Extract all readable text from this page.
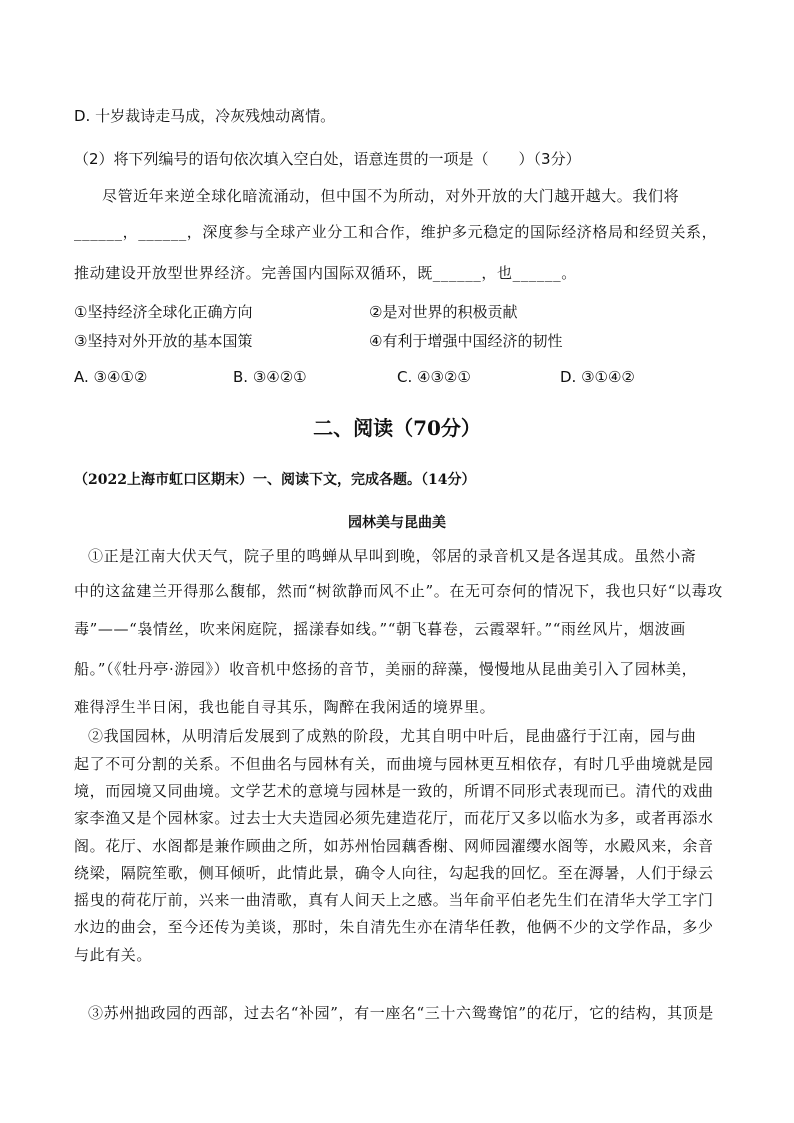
D. 十岁裁诗走马成，冷灰残烛动离情。
（2）将下列编号的语句依次填入空白处，语意连贯的一项是（　　）（3分）
尽管近年来逆全球化暗流涌动，但中国不为所动，对外开放的大门越开越大。我们将
______，______，深度参与全球产业分工和合作，维护多元稳定的国际经济格局和经贸关系，
推动建设开放型世界经济。完善国内国际双循环，既______，也______。
①坚持经济全球化正确方向	②是对世界的积极贡献
③坚持对外开放的基本国策	④有利于增强中国经济的韧性
A. ③④①②	B. ③④②①	C. ④③②①	D. ③①④②
二、阅读（70分）
（2022上海市虹口区期末）一、阅读下文，完成各题。（14分）
园林美与昆曲美
①正是江南大伏天气，院子里的鸣蝉从早叫到晚，邻居的录音机又是各逞其成。虽然小斋
中的这盆建兰开得那么馥郁，然而“树欲静而风不止”。在无可奈何的情况下，我也只好“以毒攻
毒”——“袅情丝，吹来闲庭院，摇漾春如线。”“朝飞暮卷，云霞翠轩。”“雨丝风片，烟波画
船。”（《牡丹亭·游园》）收音机中悠扬的音节，美丽的辞藻，慢慢地从昆曲美引入了园林美，
难得浮生半日闲，我也能自寻其乐，陶醉在我闲适的境界里。
②我国园林，从明清后发展到了成熟的阶段，尤其自明中叶后，昆曲盛行于江南，园与曲
起了不可分割的关系。不但曲名与园林有关，而曲境与园林更互相依存，有时几乎曲境就是园
境，而园境又同曲境。文学艺术的意境与园林是一致的，所谓不同形式表现而已。清代的戏曲
家李渔又是个园林家。过去士大夫造园必须先建造花厅，而花厅又多以临水为多，或者再添水
阁。花厅、水阁都是兼作顾曲之所，如苏州怡园藕香榭、网师园濯缨水阁等，水殿风来，余音
绕梁，隔院笙歌，侧耳倾听，此情此景，确令人向往，勾起我的回忆。至在溽暑，人们于绿云
摇曳的荷花厅前，兴来一曲清歌，真有人间天上之感。当年俞平伯老先生们在清华大学工字门
水边的曲会，至今还传为美谈，那时，朱自清先生亦在清华任教，他俩不少的文学作品，多少
与此有关。
③苏州拙政园的西部，过去名“补园”，有一座名“三十六鸳鸯馆”的花厅，它的结构，其顶是
